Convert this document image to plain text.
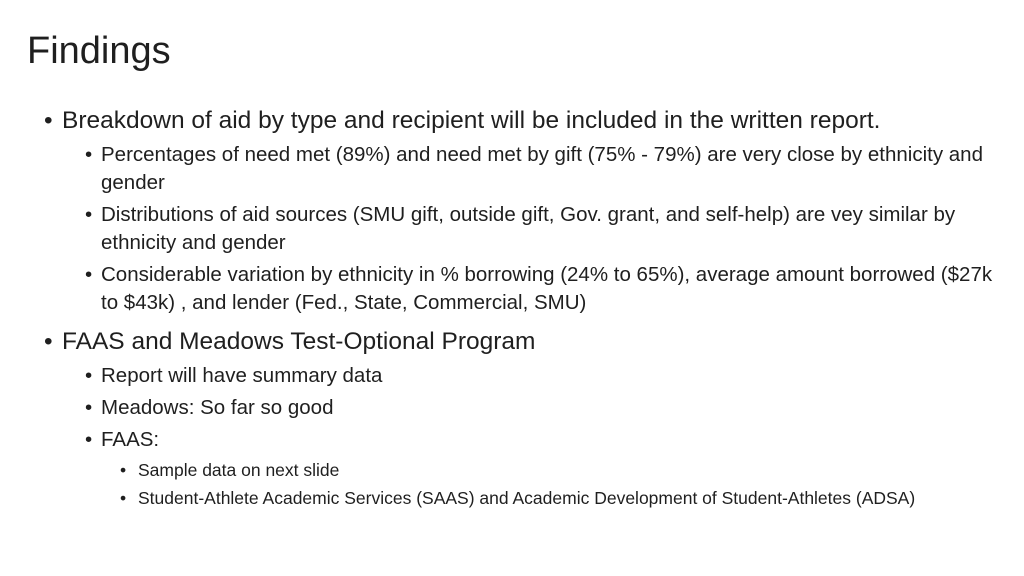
Findings
• Breakdown of aid by type and recipient will be included in the written report.
• Percentages of need met (89%) and need met by gift (75% - 79%) are very close by ethnicity and gender
• Distributions of aid sources (SMU gift, outside gift, Gov. grant, and self-help) are vey similar by ethnicity and gender
• Considerable variation by ethnicity in % borrowing (24% to 65%), average amount borrowed ($27k to $43k) , and lender (Fed., State, Commercial, SMU)
• FAAS and Meadows Test-Optional Program
• Report will have summary data
• Meadows: So far so good
• FAAS:
• Sample data on next slide
• Student-Athlete Academic Services (SAAS) and Academic Development of Student-Athletes (ADSA)
